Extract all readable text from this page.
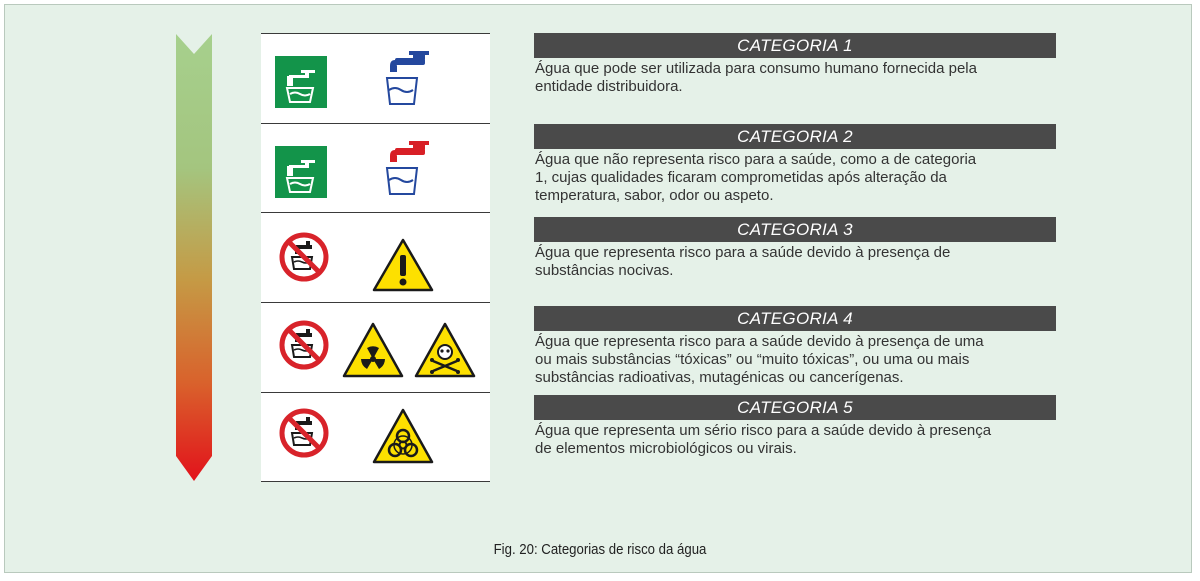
CATEGORIA 1
Água que pode ser utilizada para consumo humano fornecida pela
entidade distribuidora.
CATEGORIA 2
Água que não representa risco para a saúde, como a de categoria
1, cujas qualidades ficaram comprometidas após alteração da
temperatura, sabor, odor ou aspeto.
CATEGORIA 3
Água que representa risco para a saúde devido à presença de
substâncias nocivas.
CATEGORIA 4
Água que representa risco para a saúde devido à presença de uma
ou mais substâncias “tóxicas” ou “muito tóxicas”, ou uma ou mais
substâncias radioativas, mutagénicas ou cancerígenas.
CATEGORIA 5
Água que representa um sério risco para a saúde devido à presença
de elementos microbiológicos ou virais.
Fig. 20: Categorias de risco da água
